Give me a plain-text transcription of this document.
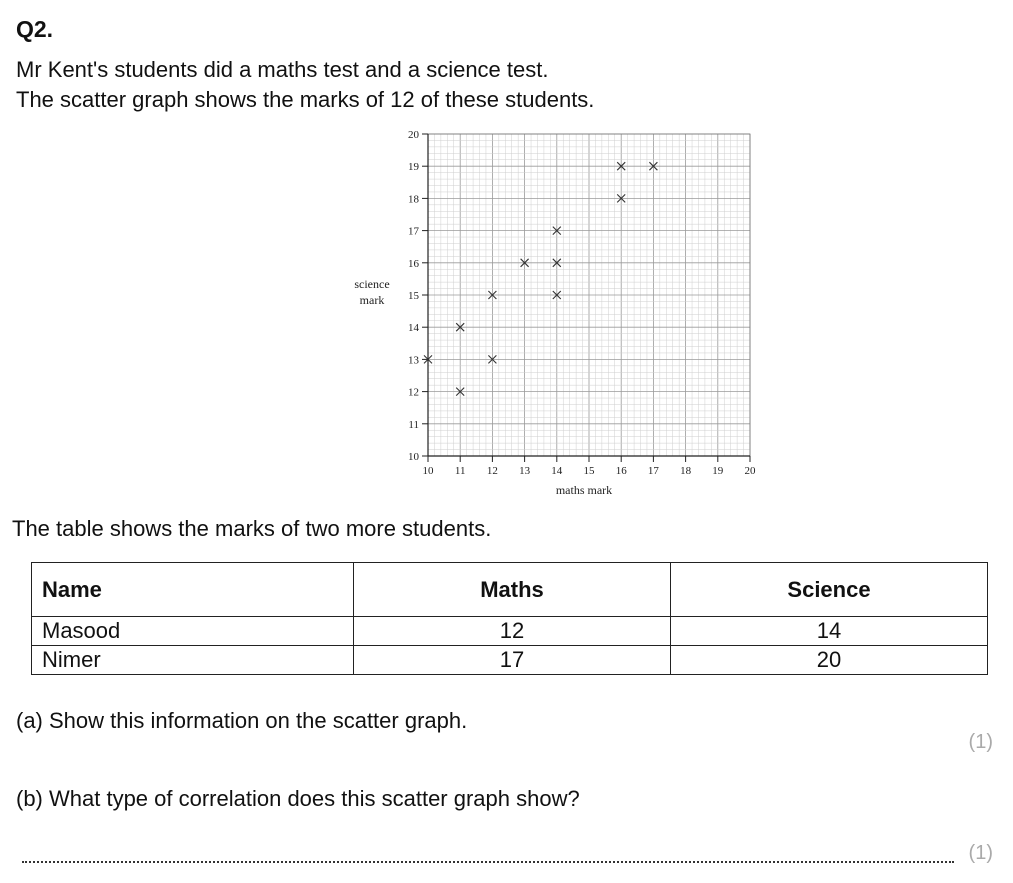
Q2.
Mr Kent's students did a maths test and a science test.
The scatter graph shows the marks of 12 of these students.
10 11 12 13 14 15 16 17 18 19 20
10
11
12
13
14
15
16
17
18
19
20
maths mark
science
mark
The table shows the marks of two more students.
Name	Maths	Science
Masood	12	14
Nimer	17	20
(a) Show this information on the scatter graph.
(1)
(b) What type of correlation does this scatter graph show?
(1)
